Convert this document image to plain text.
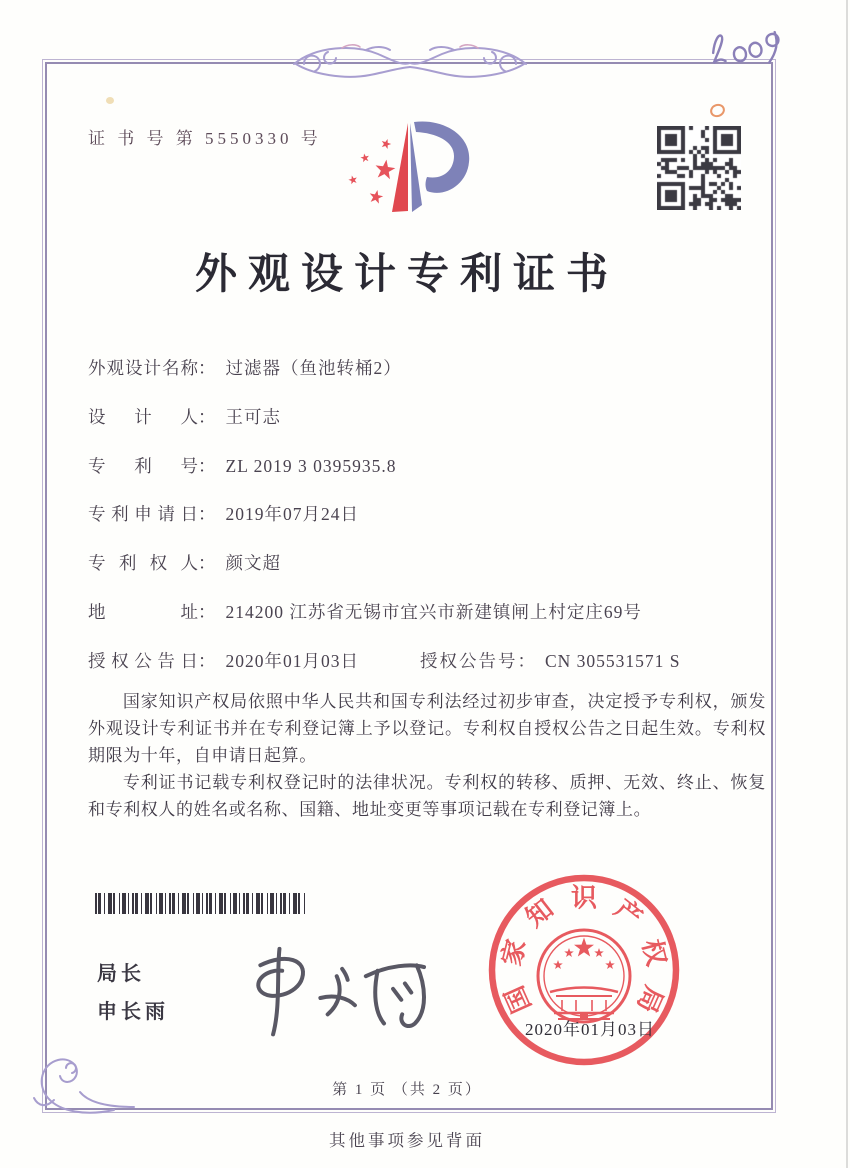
证 书 号 第 5550330 号
外观设计专利证书
外观设计名称： 过滤器（鱼池转桶2）
设计人： 王可志
专利号： ZL 2019 3 0395935.8
专利申请日： 2019年07月24日
专利权人： 颜文超
地址： 214200 江苏省无锡市宜兴市新建镇闸上村定庄69号
授权公告日： 2020年01月03日	授权公告号： CN 305531571 S

国家知识产权局依照中华人民共和国专利法经过初步审查，决定授予专利权，颁发外观设计专利证书并在专利登记簿上予以登记。专利权自授权公告之日起生效。专利权期限为十年，自申请日起算。

专利证书记载专利权登记时的法律状况。专利权的转移、质押、无效、终止、恢复和专利权人的姓名或名称、国籍、地址变更等事项记载在专利登记簿上。

局长
申长雨	国
家
知 识 产
权
局
2020年01月03日
第 1 页 （共 2 页）
其他事项参见背面
